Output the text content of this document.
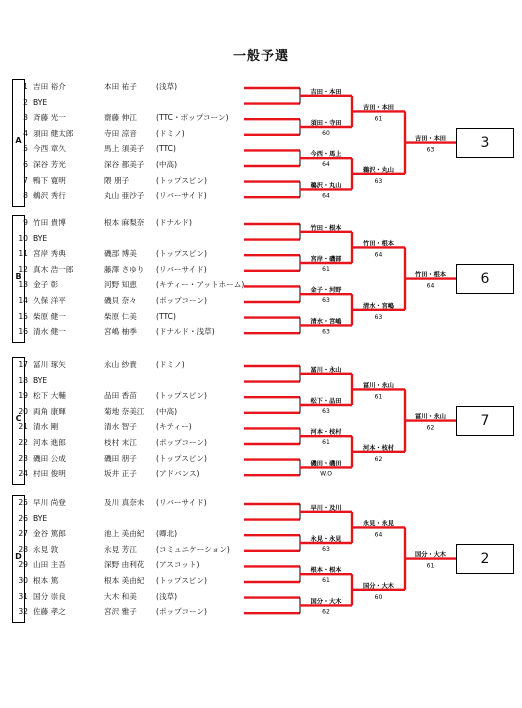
一般予選
1 吉田 裕介	本田 祐子	(浅草)
2 BYE
3 斉藤 光一	齋藤 伸江	(TTC・ポップコーン)
4 須田 健太郎	寺田 涼音	(ドミノ)
5 今西 章久	馬上 須美子 (TTC)
6 深谷 芳光	深谷 都美子 (中高)
7 鴨下 寛明	隈 朋子	(トップスピン)
8 鵜沢 秀行	丸山 亜沙子 (リバーサイド)
9 竹田 貴博	根本 麻梨奈 (ドナルド)
10 BYE
11 宮岸 秀典	磯部 博美	(トップスピン)
12 真木 浩一郎	藤澤 さゆり (リバーサイド)
13 金子 彰	河野 知恵	(キティー・アットホーム)
14 久保 洋平	磯貝 奈々	(ポップコーン)
15 柴原 健一	柴原 仁美	(TTC)
16 清水 健一	宮嶋 柚季	(ドナルド・浅草)
17 冨川 琢矢	永山 紗貴	(ドミノ)
18 BYE
19 松下 大輔	品田 香苗	(トップスピン)
20 両角 康輝	菊地 奈美江 (中高)
21 清水 剛	清水 智子	(キティー)
22 河本 進郎	枝村 末江	(ポップコーン)
23 磯田 公成	磯田 朋子	(トップスピン)
24 村田 俊明	坂井 正子	(アドバンス)
25 早川 尚登	及川 真奈未 (リバーサイド)
26 BYE
27 金谷 篤郎	池上 美由紀 (卿北)
28 永見 敦	永見 芳江	(コミュニケーション)
29 山田 主吾	深野 由利花 (アスコット)
30 根本 篤	根本 美由紀 (トップスピン)
31 国分 崇良	大木 和美	(浅草)
32 佐藤 孝之	宮沢 雅子	(ポップコーン)
A
B
C
D
吉田・本田
須田・寺田
60
今西・馬上
64
鵜沢・丸山
64
竹田・根本
宮岸・磯部
61
金子・河野
63
清水・宮嶋
63
冨川・永山
松下・品田
63
河本・枝村
61
磯田・磯田
W.O
早川・及川
永見・永見
63
根本・根本
61
国分・大木
62
吉田・本田
61
鵜沢・丸山
63
竹田・根本
64
清水・宮嶋
63
冨川・永山
61
河本・枝村
62
永見・永見
64
国分・大木
60
吉田・本田
63
竹田・根本
64
冨川・永山
62
国分・大木
61
3
6
7
2
